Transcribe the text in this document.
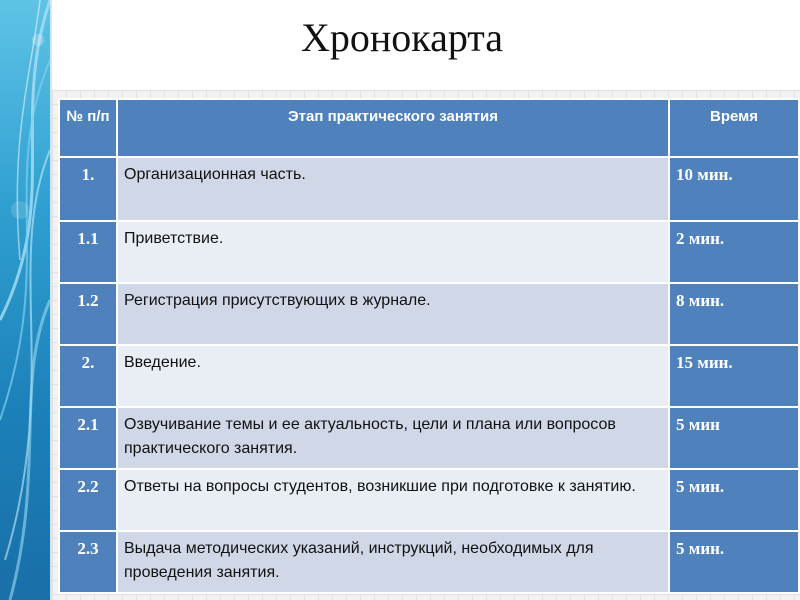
Хронокарта
№ п/п	Этап практического занятия	Время
1.	Организационная часть.	10 мин.
1.1	Приветствие.	2 мин.
1.2	Регистрация присутствующих в журнале.	8 мин.
2.	Введение.	15 мин.
2.1	Озвучивание темы и ее актуальность, цели и плана или вопросов практического занятия.	5 мин
2.2	Ответы на вопросы студентов, возникшие при подготовке к занятию.	5 мин.
2.3	Выдача методических указаний, инструкций, необходимых для проведения занятия.	5 мин.
